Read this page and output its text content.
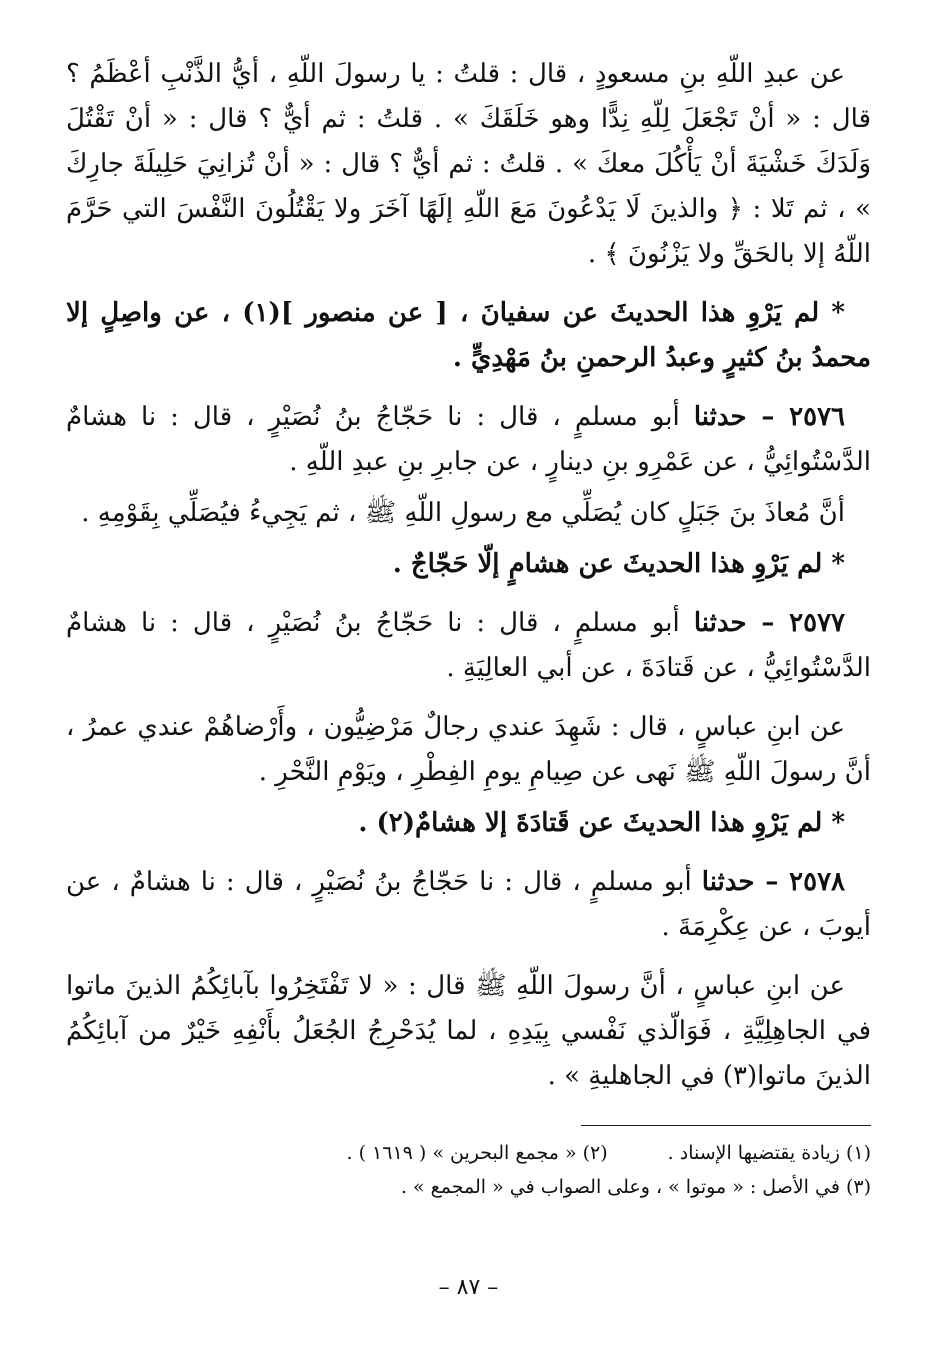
عن عبدِ اللّهِ بنِ مسعودٍ ، قال : قلتُ : يا رسولَ اللّهِ ، أيُّ الذَّنْبِ أعْظَمُ ؟ قال : « أنْ تَجْعَلَ لِلّهِ نِدًّا وهو خَلَقَكَ » . قلتُ : ثم أيٌّ ؟ قال : « أنْ تَقْتُلَ وَلَدَكَ خَشْيَةَ أنْ يَأْكُلَ معكَ » . قلتُ : ثم أيٌّ ؟ قال : « أنْ تُزانِيَ حَلِيلَةَ جارِكَ » ، ثم تَلا : ﴿ والذينَ لَا يَدْعُونَ مَعَ اللّهِ إلَهًا آخَرَ ولا يَقْتُلُونَ النَّفْسَ التي حَرَّمَ اللّهُ إلا بالحَقِّ ولا يَزْنُونَ ﴾ .

* لم يَرْوِ هذا الحديثَ عن سفيانَ ، [ عن منصور ](١) ، عن واصِلٍ إلا محمدُ بنُ كثيرٍ وعبدُ الرحمنِ بنُ مَهْدِيٍّ .

٢٥٧٦ – حدثنا أبو مسلمٍ ، قال : نا حَجّاجُ بنُ نُصَيْرٍ ، قال : نا هشامٌ الدَّسْتُوائِيُّ ، عن عَمْرِو بنِ دينارٍ ، عن جابرِ بنِ عبدِ اللّهِ .

أنَّ مُعاذَ بنَ جَبَلٍ كان يُصَلِّي مع رسولِ اللّهِ ﷺ ، ثم يَجِيءُ فيُصَلِّي بِقَوْمِهِ .

* لم يَرْوِ هذا الحديثَ عن هشامٍ إلّا حَجّاجٌ .

٢٥٧٧ – حدثنا أبو مسلمٍ ، قال : نا حَجّاجُ بنُ نُصَيْرٍ ، قال : نا هشامٌ الدَّسْتُوائِيُّ ، عن قَتادَةَ ، عن أبي العالِيَةِ .

عن ابنِ عباسٍ ، قال : شَهِدَ عندي رجالٌ مَرْضِيُّون ، وأَرْضاهُمْ عندي عمرُ ، أنَّ رسولَ اللّهِ ﷺ نَهى عن صِيامِ يومِ الفِطْرِ ، ويَوْمِ النَّحْرِ .

* لم يَرْوِ هذا الحديثَ عن قَتادَةَ إلا هشامٌ(٢) .

٢٥٧٨ – حدثنا أبو مسلمٍ ، قال : نا حَجّاجُ بنُ نُصَيْرٍ ، قال : نا هشامٌ ، عن أيوبَ ، عن عِكْرِمَةَ .

عن ابنِ عباسٍ ، أنَّ رسولَ اللّهِ ﷺ قال : « لا تَفْتَخِرُوا بآبائِكُمُ الذينَ ماتوا في الجاهِلِيَّةِ ، فَوَالّذي نَفْسي بِيَدِهِ ، لما يُدَحْرِجُ الجُعَلُ بأَنْفِهِ خَيْرٌ من آبائِكُمُ الذينَ ماتوا(٣) في الجاهليةِ » .

(١) زيادة يقتضيها الإسناد .
(٢) « مجمع البحرين » ( ١٦١٩ ) .

(٣) في الأصل : « موتوا » ، وعلى الصواب في « المجمع » .

– ٨٧ –
